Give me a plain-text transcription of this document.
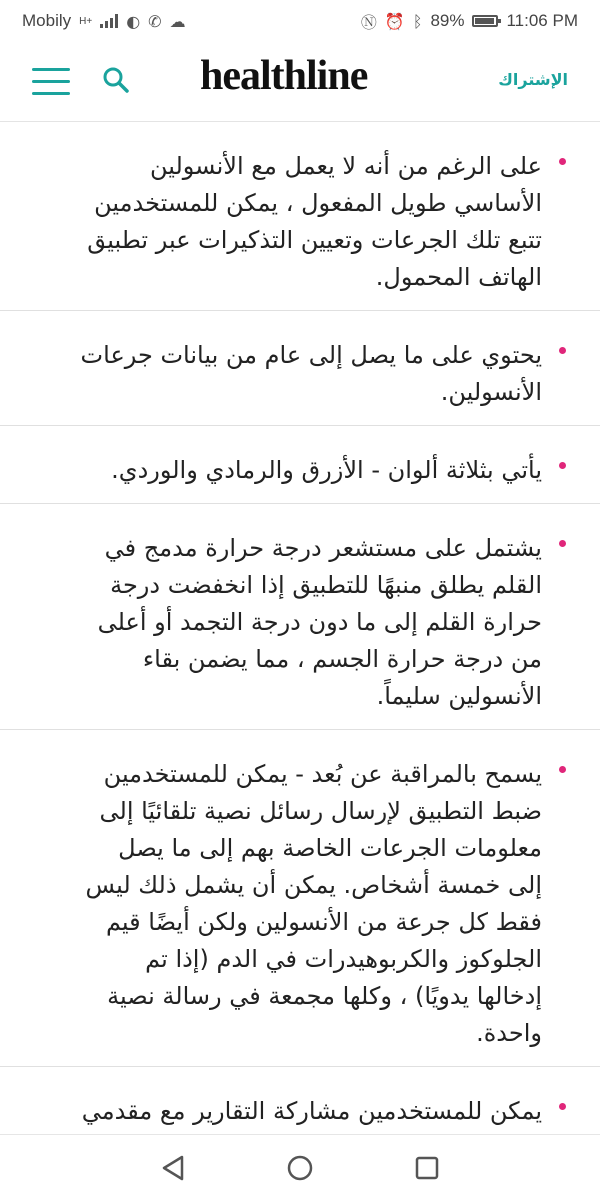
Mobily H+ ◐ ✆ ☁	Ⓝ ⏰ ᛒ 89% 11:06 PM
healthline	الإشتراك
على الرغم من أنه لا يعمل مع الأنسولين الأساسي طويل المفعول ، يمكن للمستخدمين تتبع تلك الجرعات وتعيين التذكيرات عبر تطبيق الهاتف المحمول.
يحتوي على ما يصل إلى عام من بيانات جرعات الأنسولين.
يأتي بثلاثة ألوان - الأزرق والرمادي والوردي.
يشتمل على مستشعر درجة حرارة مدمج في القلم يطلق منبهًا للتطبيق إذا انخفضت درجة حرارة القلم إلى ما دون درجة التجمد أو أعلى من درجة حرارة الجسم ، مما يضمن بقاء الأنسولين سليماً.
يسمح بالمراقبة عن بُعد - يمكن للمستخدمين ضبط التطبيق لإرسال رسائل نصية تلقائيًا إلى معلومات الجرعات الخاصة بهم إلى ما يصل إلى خمسة أشخاص. يمكن أن يشمل ذلك ليس فقط كل جرعة من الأنسولين ولكن أيضًا قيم الجلوكوز والكربوهيدرات في الدم (إذا تم إدخالها يدويًا) ، وكلها مجمعة في رسالة نصية واحدة.
يمكن للمستخدمين مشاركة التقارير مع مقدمي
